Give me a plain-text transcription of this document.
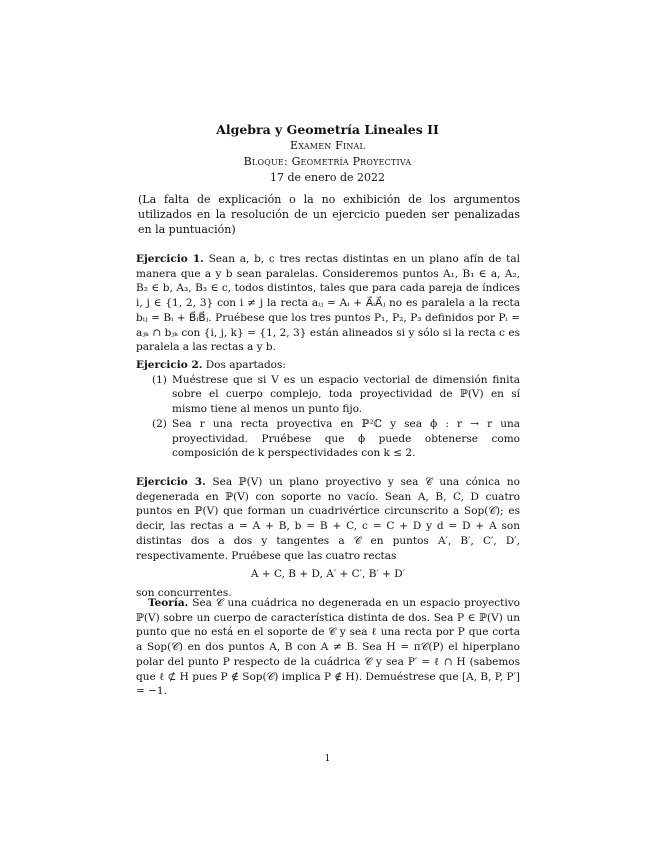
Algebra y Geometría Lineales II
Examen Final
Bloque: Geometría Proyectiva
17 de enero de 2022
(La falta de explicación o la no exhibición de los argumentos utilizados en la resolución de un ejercicio pueden ser penalizadas en la puntuación)

Ejercicio 1. Sean a, b, c tres rectas distintas en un plano afín de tal manera que a y b sean paralelas. Consideremos puntos A₁, B₁ ∈ a, A₂, B₂ ∈ b, A₃, B₃ ∈ c, todos distintos, tales que para cada pareja de índices i, j ∈ {1, 2, 3} con i ≠ j la recta aᵢⱼ = Aᵢ + A⃗ᵢA⃗ⱼ no es paralela a la recta bᵢⱼ = Bᵢ + B⃗ᵢB⃗ⱼ. Pruébese que los tres puntos P₁, P₂, P₃ definidos por Pᵢ = aⱼₖ ∩ bⱼₖ con {i, j, k} = {1, 2, 3} están alineados si y sólo si la recta c es paralela a las rectas a y b.

Ejercicio 2. Dos apartados:

(1) Muéstrese que si V es un espacio vectorial de dimensión finita sobre el cuerpo complejo, toda proyectividad de ℙ(V) en sí mismo tiene al menos un punto fijo.
(2) Sea r una recta proyectiva en ℙ²ℂ y sea ϕ : r → r una proyectividad. Pruébese que ϕ puede obtenerse como composición de k perspectividades con k ≤ 2.

Ejercicio 3. Sea ℙ(V) un plano proyectivo y sea 𝒞 una cónica no degenerada en ℙ(V) con soporte no vacío. Sean A, B, C, D cuatro puntos en ℙ(V) que forman un cuadrivértice circunscrito a Sop(𝒞); es decir, las rectas a = A + B, b = B + C, c = C + D y d = D + A son distintas dos a dos y tangentes a 𝒞 en puntos A′, B′, C′, D′, respectivamente. Pruébese que las cuatro rectas

A + C, B + D, A′ + C′, B′ + D′

son concurrentes.

Teoría. Sea 𝒞 una cuádrica no degenerada en un espacio proyectivo ℙ(V) sobre un cuerpo de característica distinta de dos. Sea P ∈ ℙ(V) un punto que no está en el soporte de 𝒞 y sea ℓ una recta por P que corta a Sop(𝒞) en dos puntos A, B con A ≠ B. Sea H = π𝒞(P) el hiperplano polar del punto P respecto de la cuádrica 𝒞 y sea P′ = ℓ ∩ H (sabemos que ℓ ⊄ H pues P ∉ Sop(𝒞) implica P ∉ H). Demuéstrese que [A, B, P, P′] = −1.

1
